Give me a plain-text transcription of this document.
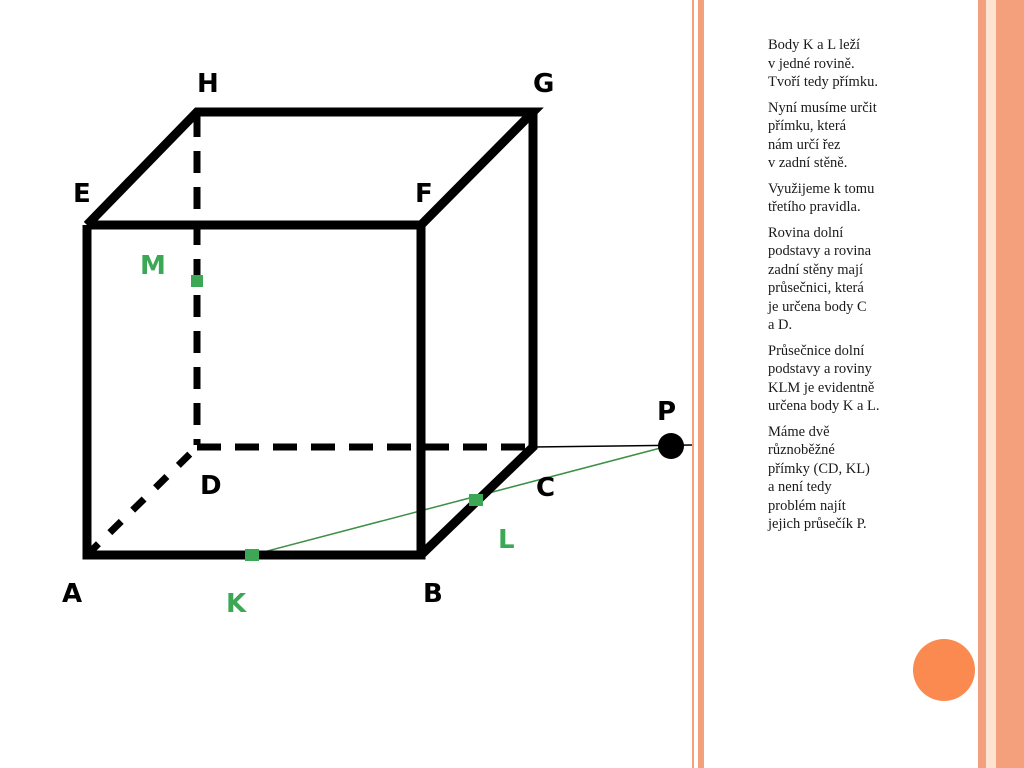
H	G
E	F
D	C
A	B
P
M
L
K

Body K a L leží
v jedné rovině.
Tvoří tedy přímku.

Nyní musíme určit
přímku, která
nám určí řez
v zadní stěně.

Využijeme k tomu
třetího pravidla.

Rovina dolní
podstavy a rovina
zadní stěny mají
průsečnici, která
je určena body C
a D.

Průsečnice dolní
podstavy a roviny
KLM je evidentně
určena body K a L.

Máme dvě
různoběžné
přímky (CD, KL)
a není tedy
problém najít
jejich průsečík P.
